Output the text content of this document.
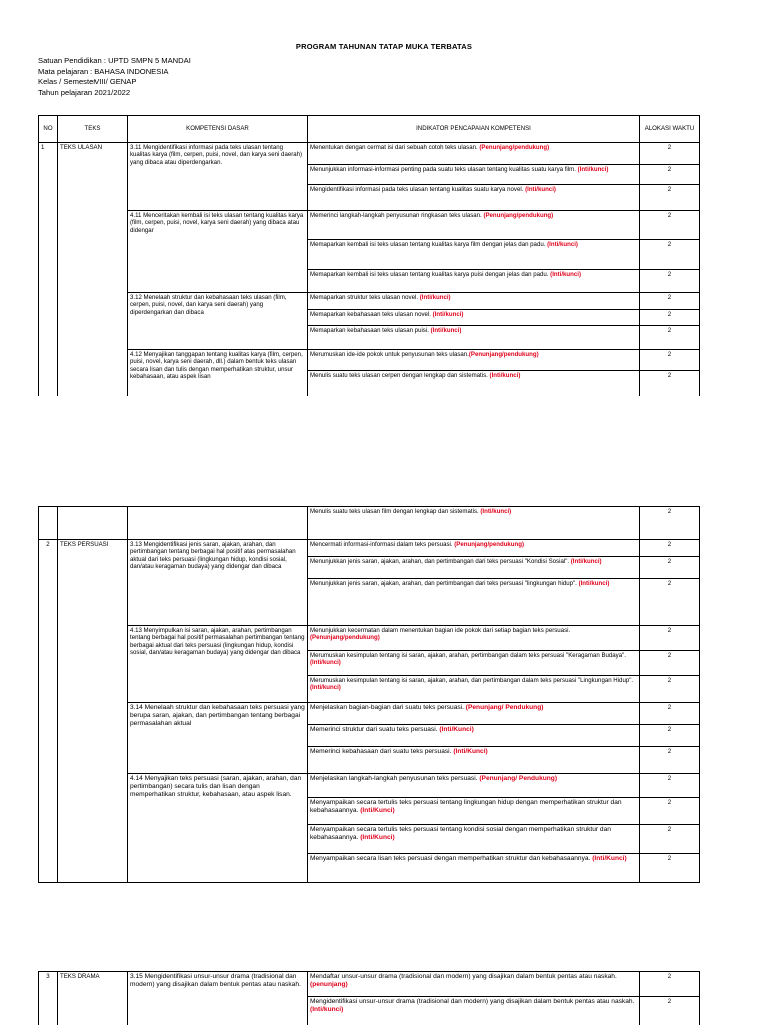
PROGRAM TAHUNAN TATAP MUKA TERBATAS
Satuan Pendidikan : UPTD SMPN 5 MANDAI
Mata pelajaran : BAHASA INDONESIA
Kelas / Semester: VIII/ GENAP
Tahun pelajaran: 2021/2022
NO	TEKS	KOMPETENSI DASAR	INDIKATOR PENCAPAIAN KOMPETENSI	ALOKASI WAKTU
1	TEKS ULASAN	3.11 Mengidentifikasi informasi pada teks ulasan tentang kualitas karya (film, cerpen, puisi, novel, dan karya seni daerah) yang dibaca atau diperdengarkan.	Menentukan dengan cermat isi dari sebuah cotoh teks ulasan. (Penunjang/pendukung)	2
			Menunjukkan informasi-informasi penting pada suatu teks ulasan tentang kualitas suatu karya film. (Inti/kunci)	2
			Mengidentifikasi informasi pada teks ulasan tentang kualitas suatu karya novel. (Inti/kunci)	2
		4.11 Menceritakan kembali isi teks ulasan tentang kualitas karya (film, cerpen, puisi, novel, karya seni daerah) yang dibaca atau didengar	Memerinci langkah-langkah penyusunan ringkasan teks ulasan. (Penunjang/pendukung)	2
			Memaparkan kembali isi teks ulasan tentang kualitas karya film dengan jelas dan padu. (Inti/kunci)	2
			Memaparkan kembali isi teks ulasan tentang kualitas karya puisi dengan jelas dan padu. (Inti/kunci)	2
		3.12 Menelaah struktur dan kebahasaan teks ulasan (film, cerpen, puisi, novel, dan karya seni daerah) yang diperdengarkan dan dibaca	Memaparkan struktur teks ulasan novel. (Inti/kunci)	2
			Memaparkan kebahasaan teks ulasan novel. (Inti/kunci)	2
			Memaparkan kebahasaan teks ulasan puisi. (Inti/kunci)	2
		4.12 Menyajikan tanggapan tentang kualitas karya (film, cerpen, puisi, novel, karya seni daerah, dll.) dalam bentuk teks ulasan secara lisan dan tulis dengan memperhatikan struktur, unsur kebahasaan, atau aspek lisan	Merumuskan ide-ide pokok untuk penyusunan teks ulasan.(Penunjang/pendukung)	2
			Menulis suatu teks ulasan cerpen dengan lengkap dan sistematis. (Inti/kunci)	2

			Menulis suatu teks ulasan film dengan lengkap dan sistematis. (Inti/kunci)	2
2	TEKS PERSUASI	3.13 Mengidentifikasi jenis saran, ajakan, arahan, dan pertimbangan tentang berbagai hal positif atas permasalahan aktual dari teks persuasi (lingkungan hidup, kondisi sosial, dan/atau keragaman budaya) yang didengar dan dibaca	Mencermati informasi-informasi dalam teks persuasi. (Penunjang/pendukung)	2
			Menunjukkan jenis saran, ajakan, arahan, dan pertimbangan dari teks persuasi "Kondisi Sosial". (Inti/kunci)	2
			Menunjukkan jenis saran, ajakan, arahan, dan pertimbangan dari teks persuasi "lingkungan hidup". (Inti/kunci)	2
		4.13 Menyimpulkan isi saran, ajakan, arahan, pertimbangan tentang berbagai hal positif permasalahan pertimbangan tentang berbagai aktual dari teks persuasi (lingkungan hidup, kondisi sosial, dan/atau keragaman budaya) yang didengar dan dibaca	Menunjukkan kecermatan dalam menentukan bagian ide pokok dari setiap bagian teks persuasi. (Penunjang/pendukung)	2
			Merumuskan kesimpulan tentang isi saran, ajakan, arahan, pertimbangan dalam teks persuasi "Keragaman Budaya". (Inti/kunci)	2
			Merumuskan kesimpulan tentang isi saran, ajakan, arahan, dan pertimbangan dalam teks persuasi "Lingkungan Hidup". (Inti/kunci)	2
		3.14 Menelaah struktur dan kebahasaan teks persuasi yang berupa saran, ajakan, dan pertimbangan tentang berbagai permasalahan aktual	Menjelaskan bagian-bagian dari suatu teks persuasi. (Penunjang/ Pendukung)	2
			Memerinci struktur dari suatu teks persuasi. (Inti/Kunci)	2
			Memerinci kebahasaan dari suatu teks persuasi. (Inti/Kunci)	2
		4.14 Menyajikan teks persuasi (saran, ajakan, arahan, dan pertimbangan) secara tulis dan lisan dengan memperhatikan struktur, kebahasaan, atau aspek lisan.	Menjelaskan langkah-langkah penyusunan teks persuasi. (Penunjang/ Pendukung)	2
			Menyampaikan secara tertulis teks persuasi tentang lingkungan hidup dengan memperhatikan struktur dan kebahasaannya. (Inti/Kunci)	2
			Menyampaikan secara tertulis teks persuasi tentang kondisi sosial dengan memperhatikan struktur dan kebahasaannya. (Inti/Kunci)	2
			Menyampaikan secara lisan teks persuasi dengan memperhatikan struktur dan kebahasaannya. (Inti/Kunci)	2
3	TEKS DRAMA	3.15 Mengidentifikasi unsur-unsur drama (tradisional dan modern) yang disajikan dalam bentuk pentas atau naskah.	Mendaftar unsur-unsur drama (tradisional dan modern) yang disajikan dalam bentuk pentas atau naskah.(penunjang)	2
			Mengidentifikasi unsur-unsur drama (tradisional dan modern) yang disajikan dalam bentuk pentas atau naskah. (Inti/kunci)	2
